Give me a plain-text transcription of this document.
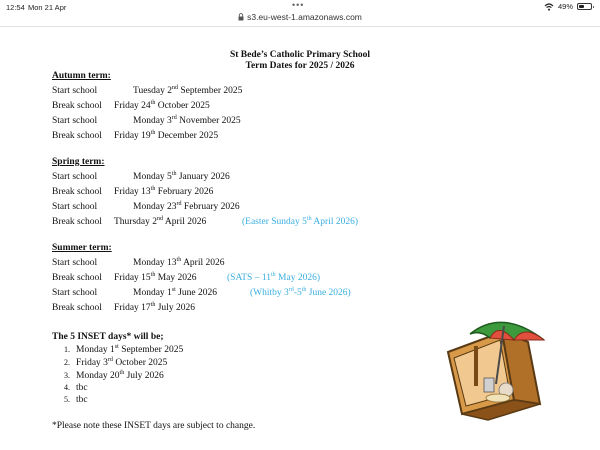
12:54 Mon 21 Apr	•••	49%
s3.eu-west-1.amazonaws.com
St Bede’s Catholic Primary School
Term Dates for 2025 / 2026
Autumn term:
Start school	Tuesday 2nd September 2025
Break school Friday 24th October 2025
Start school	Monday 3rd November 2025
Break school Friday 19th December 2025
Spring term:
Start school	Monday 5th January 2026
Break school Friday 13th February 2026
Start school	Monday 23rd February 2026
Break school Thursday 2nd April 2026	(Easter Sunday 5th April 2026)
Summer term:
Start school	Monday 13th April 2026
Break school Friday 15th May 2026	(SATS – 11th May 2026)
Start school	Monday 1st June 2026	(Whitby 3rd-5th June 2026)
Break school Friday 17th July 2026
The 5 INSET days* will be;
1. Monday 1st September 2025
2. Friday 3rd October 2025
3. Monday 20th July 2026
4. tbc
5. tbc
*Please note these INSET days are subject to change.
